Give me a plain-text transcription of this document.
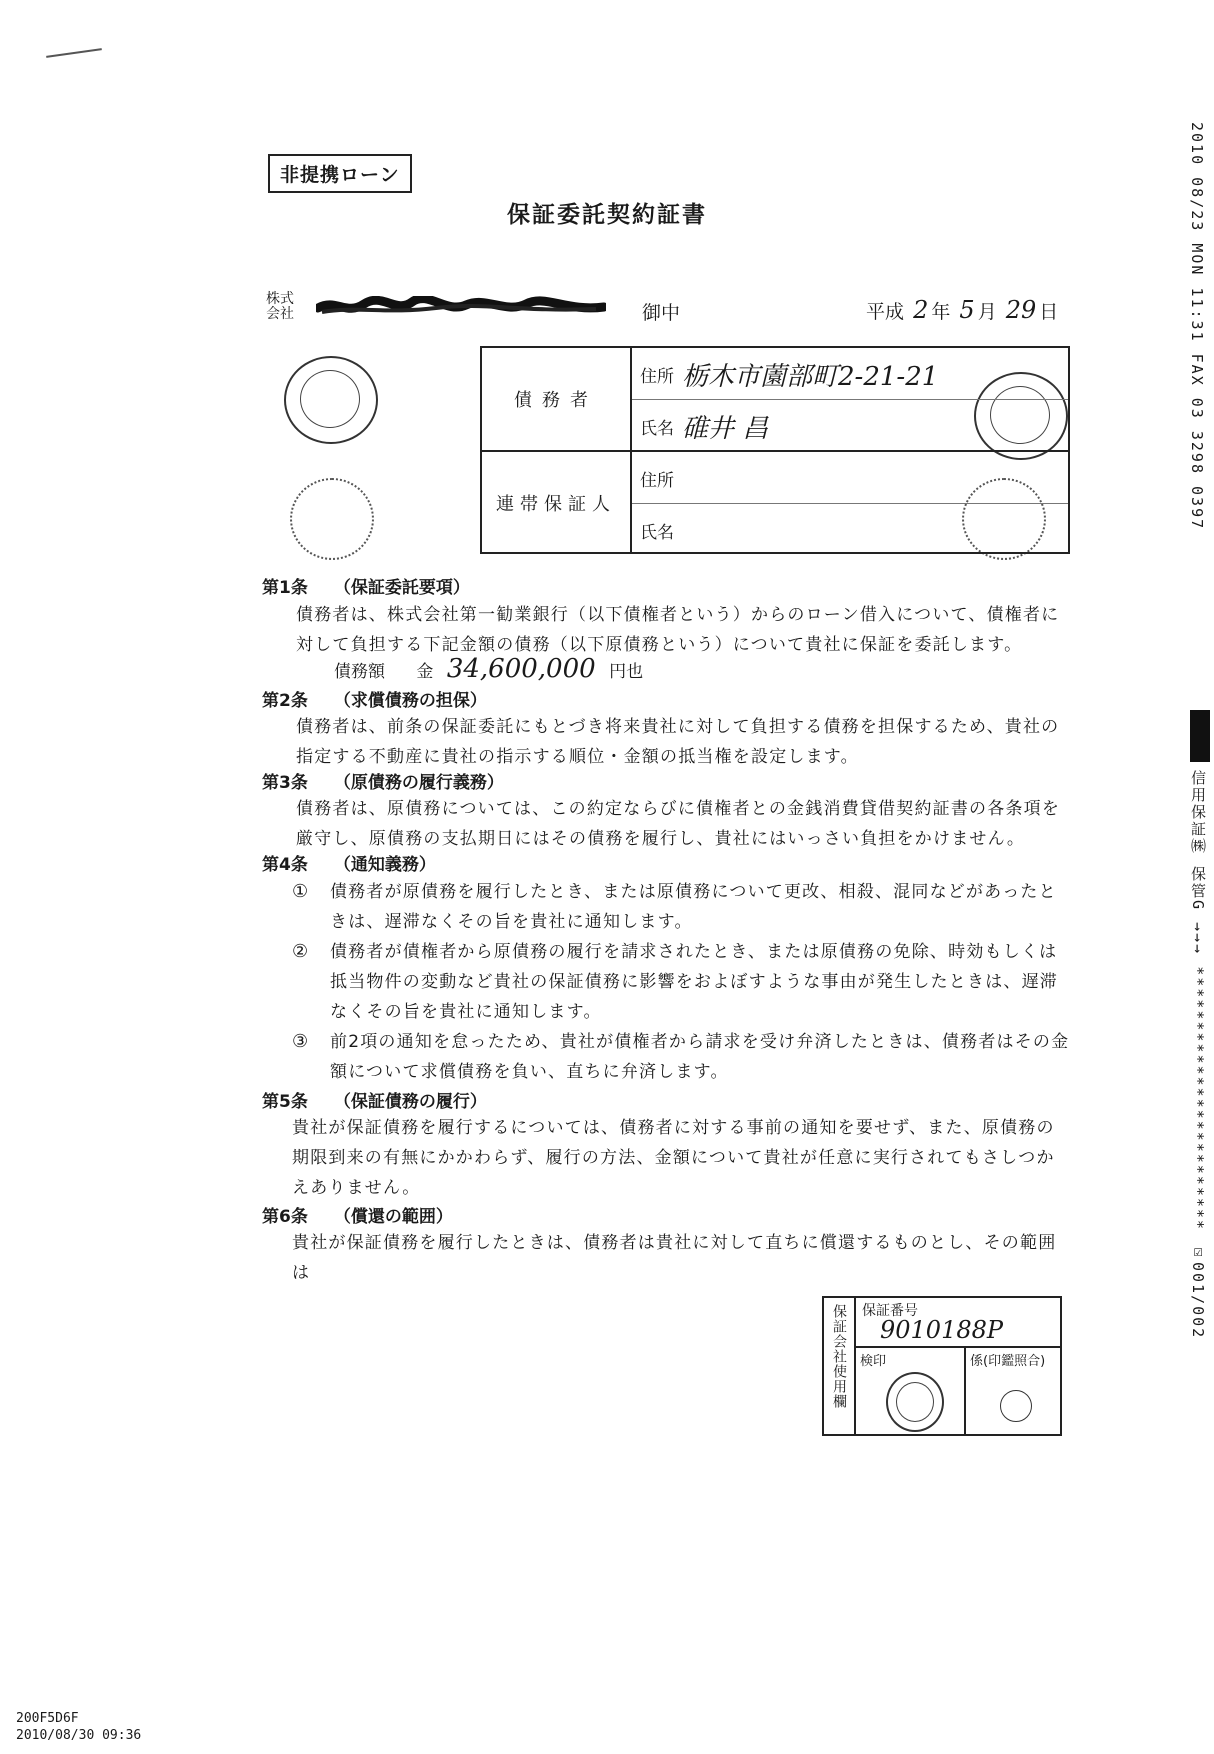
非提携ローン
保証委託契約証書
株式
会社	御中	平成 2 年 5 月 29 日
債務者
住所 栃木市薗部町2-21-21
氏名 碓井 昌
連帯保証人
住所
氏名
第1条 （保証委託要項）
債務者は、株式会社第一勧業銀行（以下債権者という）からのローン借入について、債権者に対して負担する下記金額の債務（以下原債務という）について貴社に保証を委託します。
債務額 金 34,600,000 円也
第2条 （求償債務の担保）
債務者は、前条の保証委託にもとづき将来貴社に対して負担する債務を担保するため、貴社の指定する不動産に貴社の指示する順位・金額の抵当権を設定します。
第3条 （原債務の履行義務）
債務者は、原債務については、この約定ならびに債権者との金銭消費貸借契約証書の各条項を厳守し、原債務の支払期日にはその債務を履行し、貴社にはいっさい負担をかけません。
第4条 （通知義務）
① 債務者が原債務を履行したとき、または原債務について更改、相殺、混同などがあったときは、遅滞なくその旨を貴社に通知します。
② 債務者が債権者から原債務の履行を請求されたとき、または原債務の免除、時効もしくは抵当物件の変動など貴社の保証債務に影響をおよぼすような事由が発生したときは、遅滞なくその旨を貴社に通知します。
③ 前2項の通知を怠ったため、貴社が債権者から請求を受け弁済したときは、債務者はその金額について求償債務を負い、直ちに弁済します。
第5条 （保証債務の履行）
貴社が保証債務を履行するについては、債務者に対する事前の通知を要せず、また、原債務の期限到来の有無にかかわらず、履行の方法、金額について貴社が任意に実行されてもさしつかえありません。
第6条 （償還の範囲）
貴社が保証債務を履行したときは、債務者は貴社に対して直ちに償還するものとし、その範囲は
保証会社使用欄 保証番号
9010188P
検印	係(印鑑照合)
2010 08/23 MON 11:31 FAX 03 3298 0397
信用保証㈱ 保管G →→→ ************************ ☑001/002
200F5D6F
2010/08/30 09:36
